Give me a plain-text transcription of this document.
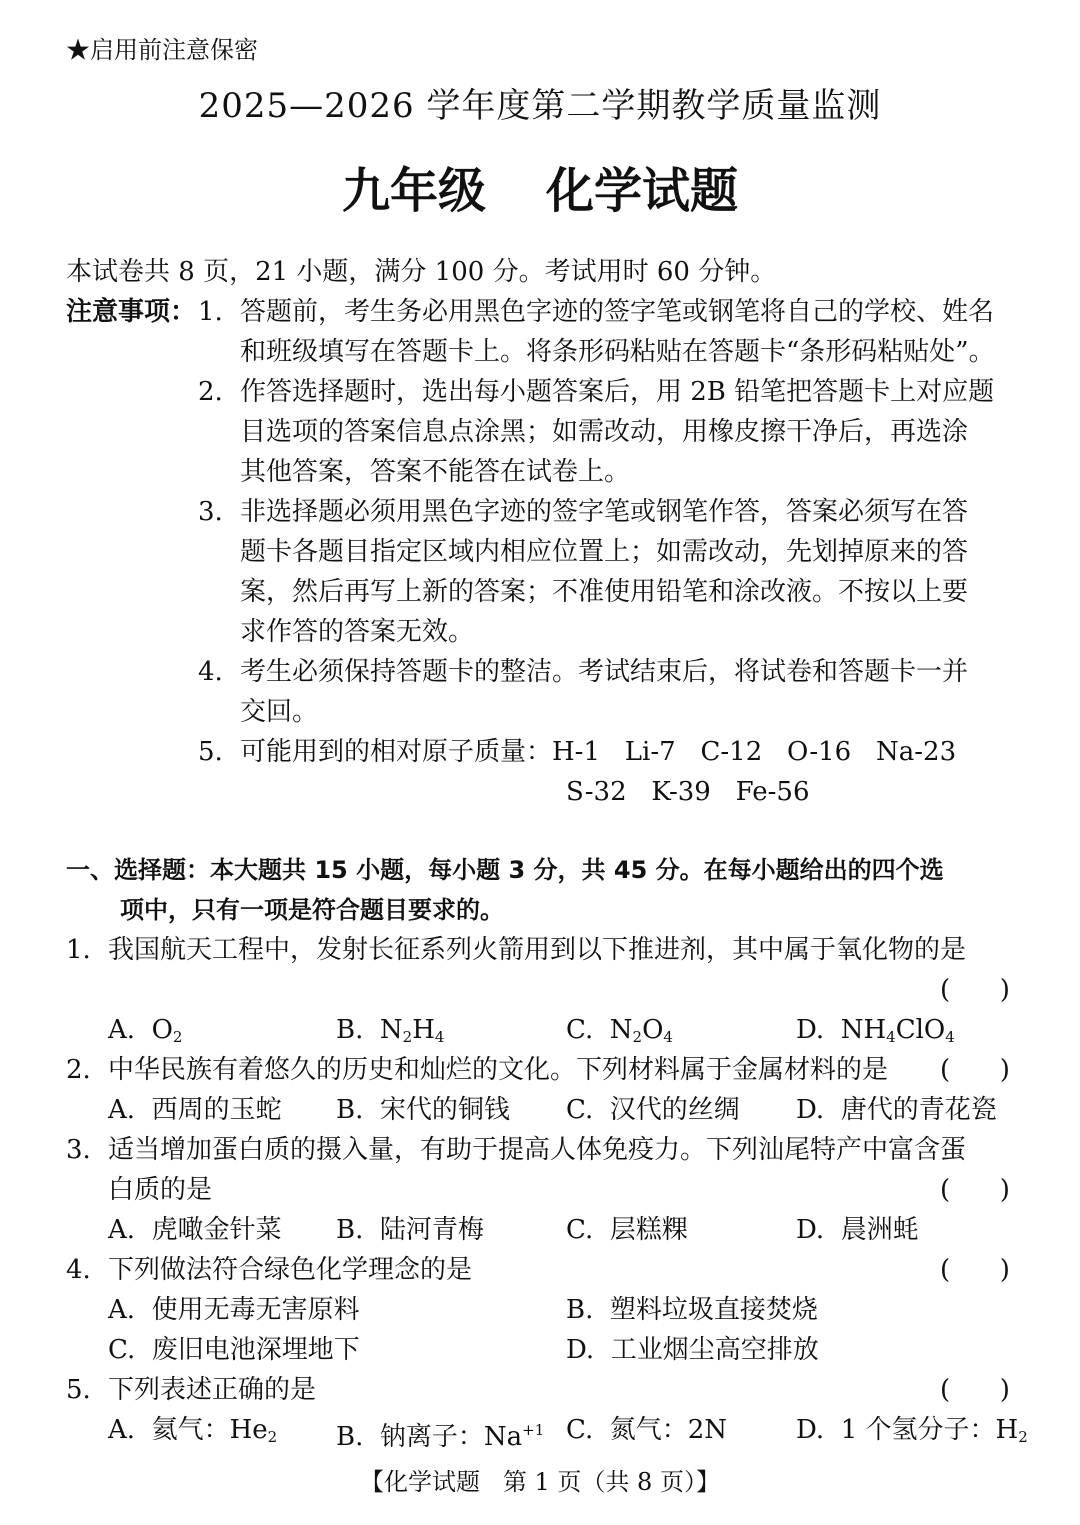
★启用前注意保密
2025—2026 学年度第二学期教学质量监测
九年级 化学试题
本试卷共 8 页，21 小题，满分 100 分。考试用时 60 分钟。
注意事项： 1. 答题前，考生务必用黑色字迹的签字笔或钢笔将自己的学校、姓名
和班级填写在答题卡上。将条形码粘贴在答题卡“条形码粘贴处”。
2. 作答选择题时，选出每小题答案后，用 2B 铅笔把答题卡上对应题
目选项的答案信息点涂黑；如需改动，用橡皮擦干净后，再选涂
其他答案，答案不能答在试卷上。
3. 非选择题必须用黑色字迹的签字笔或钢笔作答，答案必须写在答
题卡各题目指定区域内相应位置上；如需改动，先划掉原来的答
案，然后再写上新的答案；不准使用铅笔和涂改液。不按以上要
求作答的答案无效。
4. 考生必须保持答题卡的整洁。考试结束后，将试卷和答题卡一并
交回。
5. 可能用到的相对原子质量：H-1   Li-7   C-12   O-16   Na-23
S-32   K-39   Fe-56
一、选择题：本大题共 15 小题，每小题 3 分，共 45 分。在每小题给出的四个选
项中，只有一项是符合题目要求的。
1. 我国航天工程中，发射长征系列火箭用到以下推进剂，其中属于氧化物的是
(      )
A. $O_2$	B. $N_2H_4$	C. $N_2O_4$	D. $NH_4ClO_4$
2. 中华民族有着悠久的历史和灿烂的文化。下列材料属于金属材料的是 (      )
A.  西周的玉蛇 B.  宋代的铜钱 C.  汉代的丝绸 D.  唐代的青花瓷
3. 适当增加蛋白质的摄入量，有助于提高人体免疫力。下列汕尾特产中富含蛋
白质的是	(      )
A.  虎噉金针菜 B.  陆河青梅	C.  层糕粿	D.  晨洲蚝
4. 下列做法符合绿色化学理念的是	(      )
A.  使用无毒无害原料	B.  塑料垃圾直接焚烧
C.  废旧电池深埋地下	D.  工业烟尘高空排放
5. 下列表述正确的是	(      )
A.  氦气：$He_2$ B.  钠离子：$Na^{+1}$ C.  氮气：2N	D.  1 个氢分子：$H_2$
【化学试题   第 1 页（共 8 页）】
